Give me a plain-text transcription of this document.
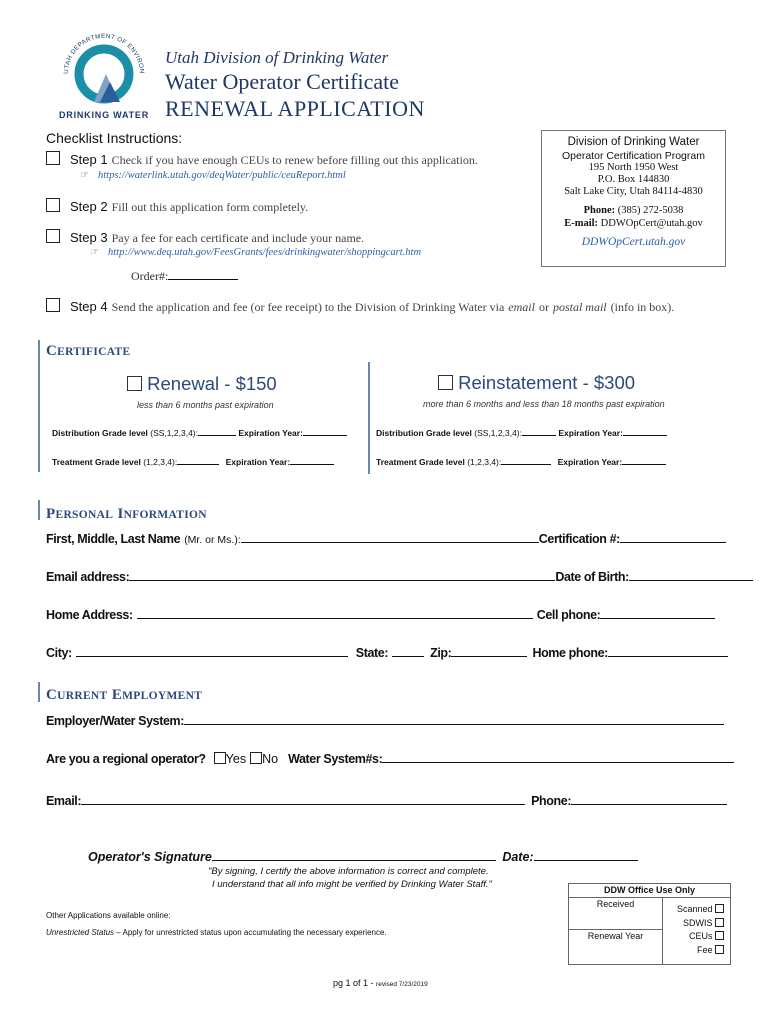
UTAH DEPARTMENT OF ENVIRON
DRINKING WATER
Utah Division of Drinking Water
Water Operator Certificate
RENEWAL APPLICATION
Checklist Instructions:
Step 1 Check if you have enough CEUs to renew before filling out this application.
☞ https://waterlink.utah.gov/deqWater/public/ceuReport.html
Step 2 Fill out this application form completely.
Step 3 Pay a fee for each certificate and include your name.
☞ http://www.deq.utah.gov/FeesGrants/fees/drinkingwater/shoppingcart.htm
Order#:
Step 4 Send the application and fee (or fee receipt) to the Division of Drinking Water via email or postal mail (info in box).
Division of Drinking Water
Operator Certification Program
195 North 1950 West
P.O. Box 144830
Salt Lake City, Utah 84114-4830
Phone: (385) 272-5038
E-mail: DDWOpCert@utah.gov
DDWOpCert.utah.gov
CERTIFICATE
Renewal - $150
less than 6 months past expiration
Reinstatement - $300
more than 6 months and less than 18 months past expiration
Distribution Grade level (SS,1,2,3,4):	Expiration Year:
Treatment Grade level (1,2,3,4):	Expiration Year:
Distribution Grade level (SS,1,2,3,4):	Expiration Year:
Treatment Grade level (1,2,3,4):	Expiration Year:
PERSONAL INFORMATION
First, Middle, Last Name (Mr. or Ms.):	Certification #:
Email address:	Date of Birth:
Home Address:	Cell phone:
City:	State:	Zip:	Home phone:
CURRENT EMPLOYMENT
Employer/Water System:
Are you a regional operator? Yes No Water System#s:
Email:	Phone:
Operator's Signature	Date:
"By signing, I certify the above information is correct and complete.
I understand that all info might be verified by Drinking Water Staff."
Other Applications available online:
Unrestricted Status – Apply for unrestricted status upon accumulating the necessary experience.
DDW Office Use Only
Received
Renewal Year
Scanned
SDWIS
CEUs
Fee
pg 1 of 1 - revised 7/23/2019
